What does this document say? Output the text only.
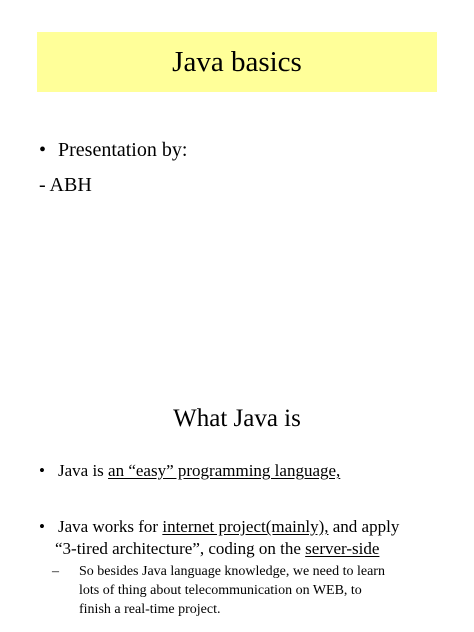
Java basics
• Presentation by:
- ABH
What Java is
• Java is an “easy” programming language,
• Java works for internet project(mainly), and apply
“3-tired architecture”, coding on the server-side
– So besides Java language knowledge, we need to learn
lots of thing about telecommunication on WEB, to
finish a real-time project.
